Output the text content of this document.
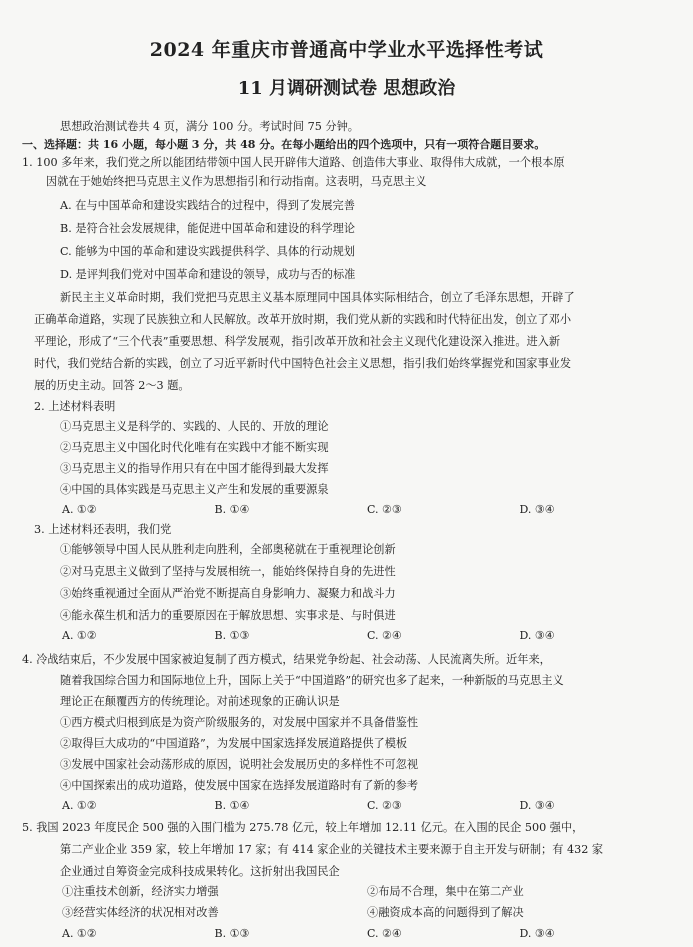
2024 年重庆市普通高中学业水平选择性考试
11 月调研测试卷 思想政治
思想政治测试卷共 4 页，满分 100 分。考试时间 75 分钟。
一、选择题：共 16 小题，每小题 3 分，共 48 分。在每小题给出的四个选项中，只有一项符合题目要求。
1. 100 多年来，我们党之所以能团结带领中国人民开辟伟大道路、创造伟大事业、取得伟大成就，一个根本原
因就在于她始终把马克思主义作为思想指引和行动指南。这表明，马克思主义
A. 在与中国革命和建设实践结合的过程中，得到了发展完善
B. 是符合社会发展规律，能促进中国革命和建设的科学理论
C. 能够为中国的革命和建设实践提供科学、具体的行动规划
D. 是评判我们党对中国革命和建设的领导，成功与否的标准
新民主主义革命时期，我们党把马克思主义基本原理同中国具体实际相结合，创立了毛泽东思想，开辟了
正确革命道路，实现了民族独立和人民解放。改革开放时期，我们党从新的实践和时代特征出发，创立了邓小
平理论，形成了“三个代表”重要思想、科学发展观，指引改革开放和社会主义现代化建设深入推进。进入新
时代，我们党结合新的实践，创立了习近平新时代中国特色社会主义思想，指引我们始终掌握党和国家事业发
展的历史主动。回答 2～3 题。
2. 上述材料表明
①马克思主义是科学的、实践的、人民的、开放的理论
②马克思主义中国化时代化唯有在实践中才能不断实现
③马克思主义的指导作用只有在中国才能得到最大发挥
④中国的具体实践是马克思主义产生和发展的重要源泉
A. ①②	B. ①④	C. ②③	D. ③④
3. 上述材料还表明，我们党
①能够领导中国人民从胜利走向胜利，全部奥秘就在于重视理论创新
②对马克思主义做到了坚持与发展相统一，能始终保持自身的先进性
③始终重视通过全面从严治党不断提高自身影响力、凝聚力和战斗力
④能永葆生机和活力的重要原因在于解放思想、实事求是、与时俱进
A. ①②	B. ①③	C. ②④	D. ③④
4. 冷战结束后，不少发展中国家被迫复制了西方模式，结果党争纷起、社会动荡、人民流离失所。近年来，
随着我国综合国力和国际地位上升，国际上关于“中国道路”的研究也多了起来，一种新版的马克思主义
理论正在颠覆西方的传统理论。对前述现象的正确认识是
①西方模式归根到底是为资产阶级服务的，对发展中国家并不具备借鉴性
②取得巨大成功的“中国道路”，为发展中国家选择发展道路提供了模板
③发展中国家社会动荡形成的原因，说明社会发展历史的多样性不可忽视
④中国探索出的成功道路，使发展中国家在选择发展道路时有了新的参考
A. ①②	B. ①④	C. ②③	D. ③④
5. 我国 2023 年度民企 500 强的入围门槛为 275.78 亿元，较上年增加 12.11 亿元。在入围的民企 500 强中，
第二产业企业 359 家，较上年增加 17 家；有 414 家企业的关键技术主要来源于自主开发与研制；有 432 家
企业通过自筹资金完成科技成果转化。这折射出我国民企
①注重技术创新，经济实力增强	②布局不合理，集中在第二产业
③经营实体经济的状况相对改善	④融资成本高的问题得到了解决
A. ①②	B. ①③	C. ②④	D. ③④
